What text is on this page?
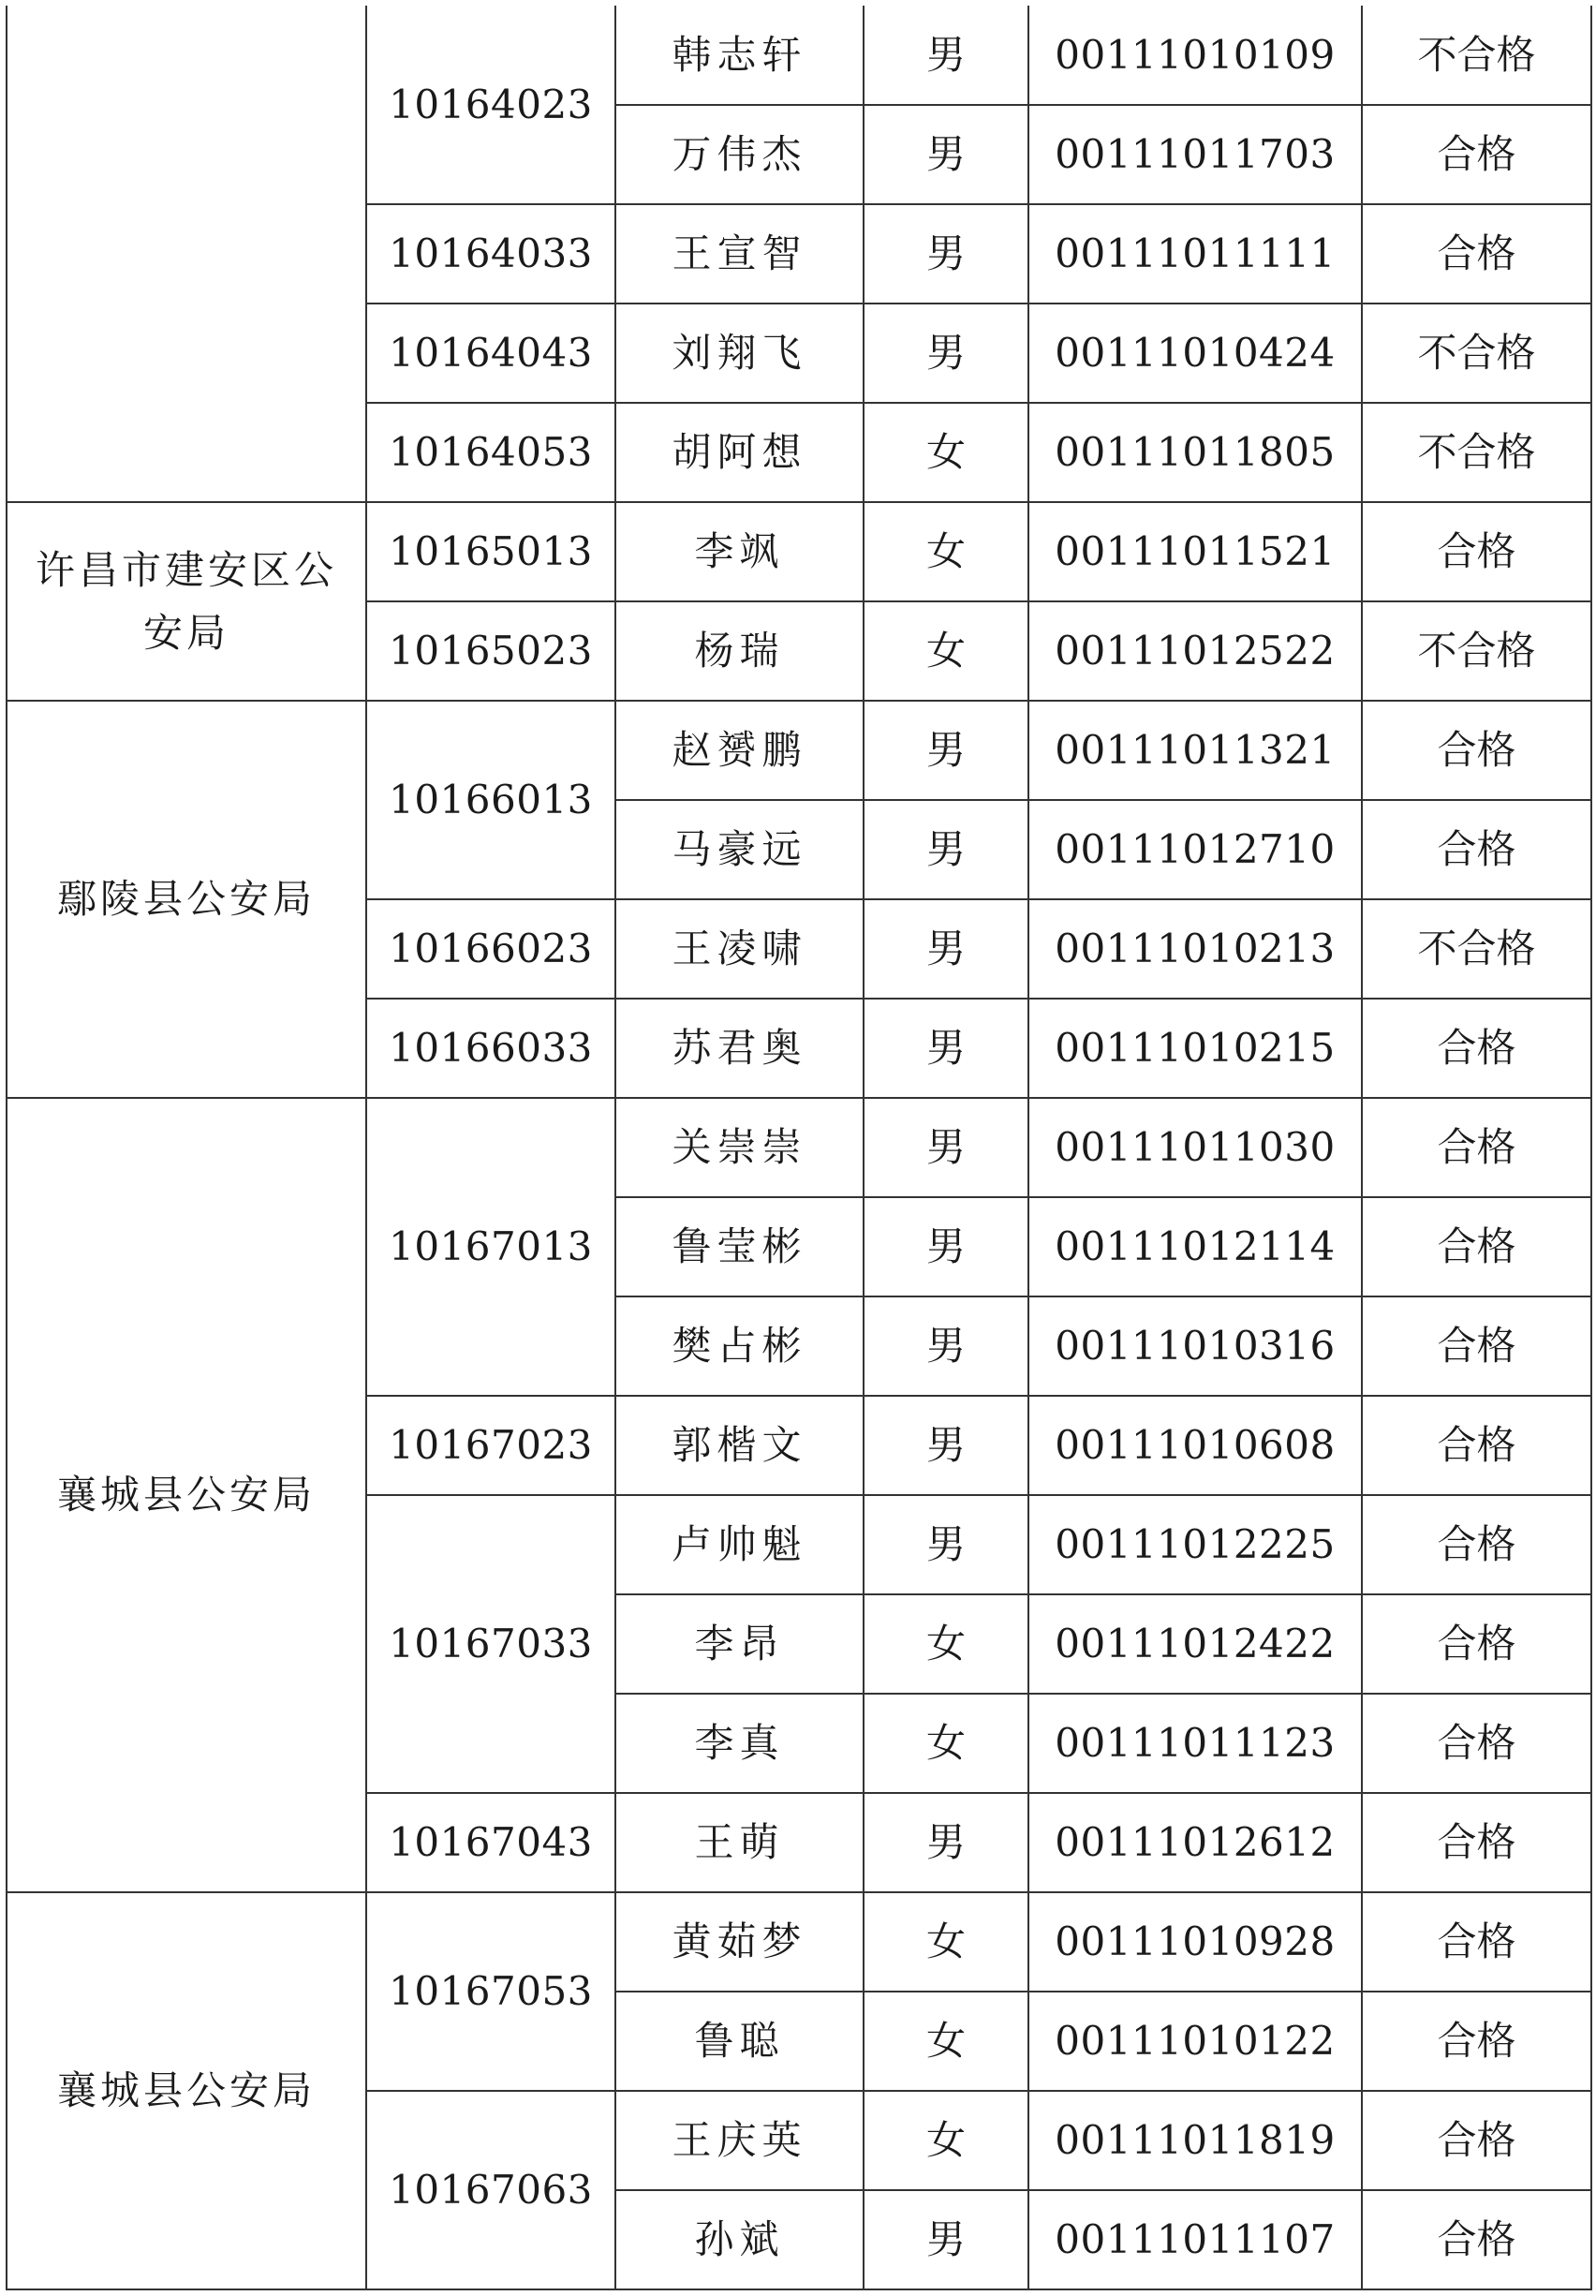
	10164023	韩志轩	男	00111010109	不合格
		万伟杰	男	00111011703	合格
	10164033	王宣智	男	00111011111	合格
	10164043	刘翔飞	男	00111010424	不合格
	10164053	胡阿想	女	00111011805	不合格
许昌市建安区公安局	10165013	李飒	女	00111011521	合格
	10165023	杨瑞	女	00111012522	不合格
鄢陵县公安局	10166013	赵赟鹏	男	00111011321	合格
		马豪远	男	00111012710	合格
	10166023	王凌啸	男	00111010213	不合格
	10166033	苏君奥	男	00111010215	合格
襄城县公安局	10167013	关崇崇	男	00111011030	合格
		鲁莹彬	男	00111012114	合格
		樊占彬	男	00111010316	合格
	10167023	郭楷文	男	00111010608	合格
	10167033	卢帅魁	男	00111012225	合格
		李昂	女	00111012422	合格
		李真	女	00111011123	合格
	10167043	王萌	男	00111012612	合格
襄城县公安局	10167053	黄茹梦	女	00111010928	合格
		鲁聪	女	00111010122	合格
	10167063	王庆英	女	00111011819	合格
		孙斌	男	00111011107	合格
